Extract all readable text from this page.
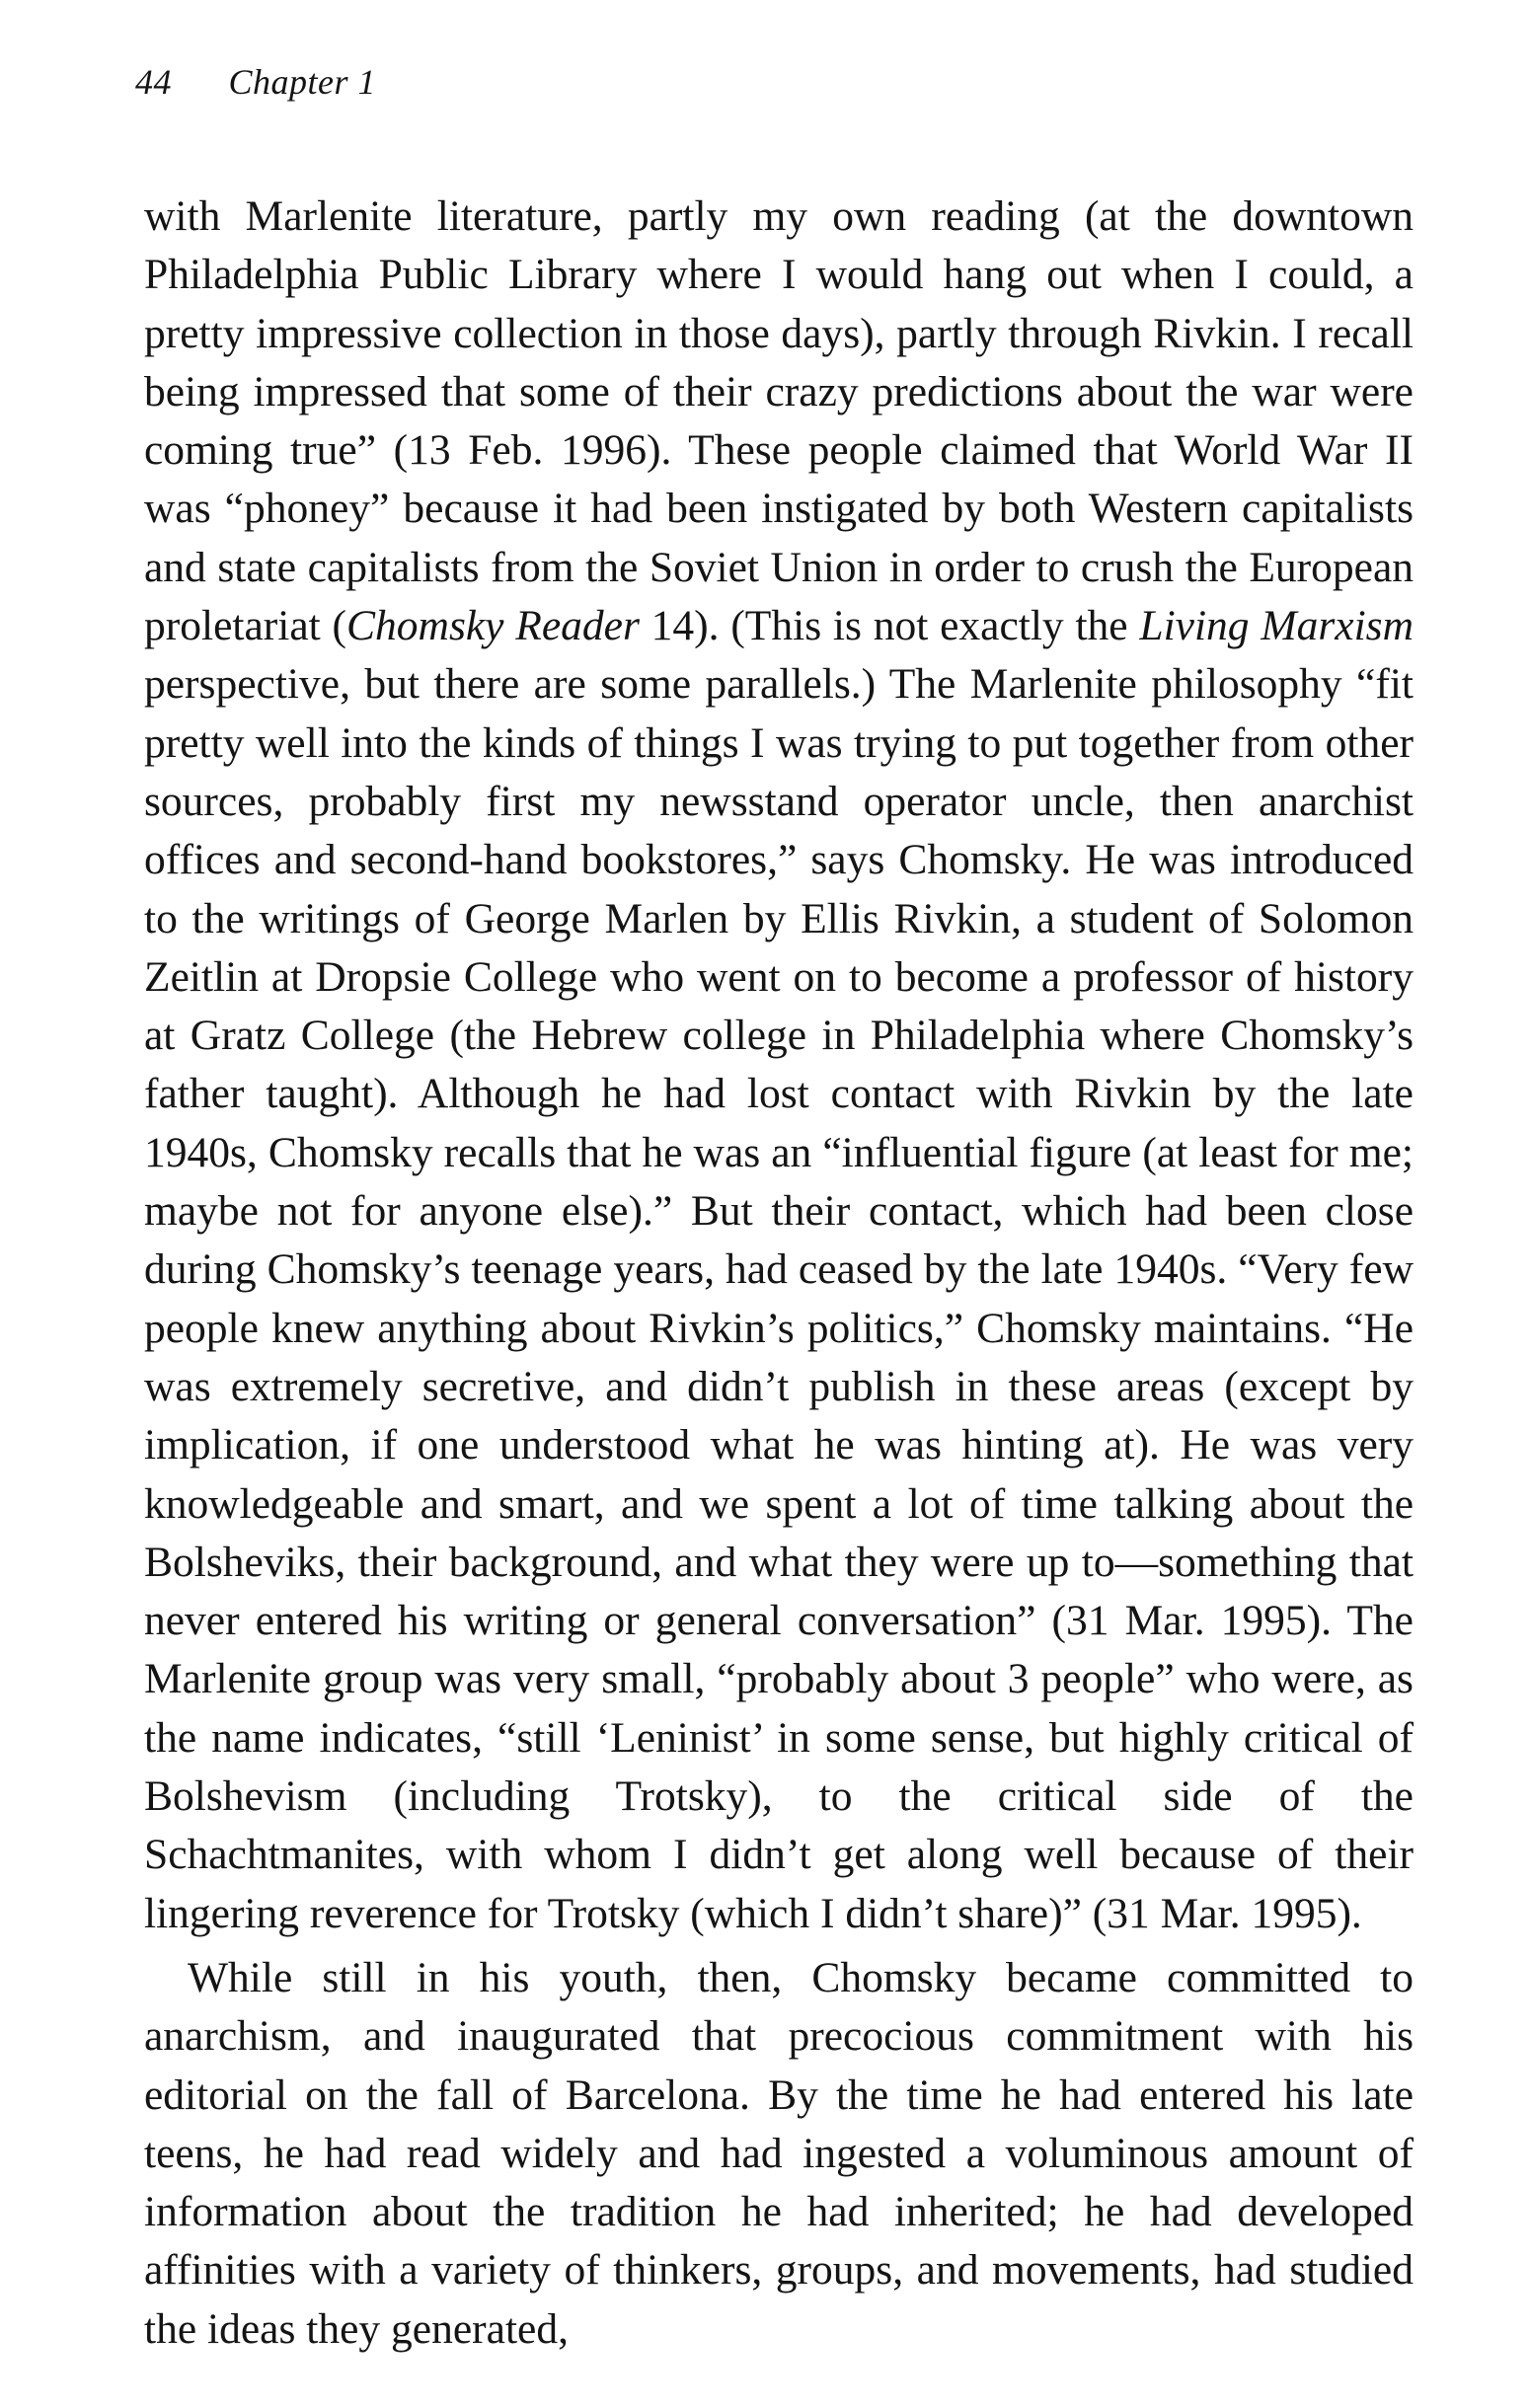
44 Chapter 1

with Marlenite literature, partly my own reading (at the downtown Philadelphia Public Library where I would hang out when I could, a pretty impressive collection in those days), partly through Rivkin. I recall being impressed that some of their crazy predictions about the war were coming true” (13 Feb. 1996). These people claimed that World War II was “phoney” because it had been instigated by both Western capitalists and state capitalists from the Soviet Union in order to crush the European proletariat (Chomsky Reader 14). (This is not exactly the Living Marxism perspective, but there are some parallels.) The Marlenite philosophy “fit pretty well into the kinds of things I was trying to put together from other sources, probably first my newsstand operator uncle, then anarchist offices and second-hand bookstores,” says Chomsky. He was introduced to the writings of George Marlen by Ellis Rivkin, a student of Solomon Zeitlin at Dropsie College who went on to become a professor of history at Gratz College (the Hebrew college in Philadelphia where Chomsky’s father taught). Although he had lost contact with Rivkin by the late 1940s, Chomsky recalls that he was an “influential figure (at least for me; maybe not for anyone else).” But their contact, which had been close during Chomsky’s teenage years, had ceased by the late 1940s. “Very few people knew anything about Rivkin’s politics,” Chomsky maintains. “He was extremely secretive, and didn’t publish in these areas (except by implication, if one understood what he was hinting at). He was very knowledgeable and smart, and we spent a lot of time talking about the Bolsheviks, their background, and what they were up to—something that never entered his writing or general conversation” (31 Mar. 1995). The Marlenite group was very small, “probably about 3 people” who were, as the name indicates, “still ‘Leninist’ in some sense, but highly critical of Bolshevism (including Trotsky), to the critical side of the Schachtmanites, with whom I didn’t get along well because of their lingering reverence for Trotsky (which I didn’t share)” (31 Mar. 1995).

While still in his youth, then, Chomsky became committed to anarchism, and inaugurated that precocious commitment with his editorial on the fall of Barcelona. By the time he had entered his late teens, he had read widely and had ingested a voluminous amount of information about the tradition he had inherited; he had developed affinities with a variety of thinkers, groups, and movements, had studied the ideas they generated,
